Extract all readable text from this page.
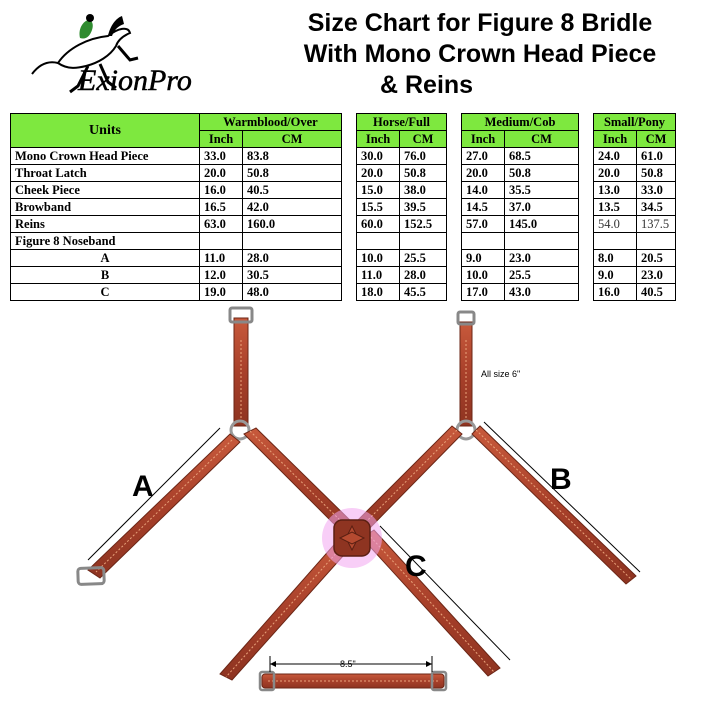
ExionPro
Size Chart for Figure 8 Bridle
With Mono Crown Head Piece
& Reins
Units	Warmblood/Over			Horse/Full			Medium/Cob			Small/Pony	
	Inch	CM		Inch	CM		Inch	CM		Inch	CM
Mono Crown Head Piece	33.0	83.8		30.0	76.0		27.0	68.5		24.0	61.0
Throat Latch	20.0	50.8		20.0	50.8		20.0	50.8		20.0	50.8
Cheek Piece	16.0	40.5		15.0	38.0		14.0	35.5		13.0	33.0
Browband	16.5	42.0		15.5	39.5		14.5	37.0		13.5	34.5
Reins	63.0	160.0		60.0	152.5		57.0	145.0		54.0	137.5
Figure 8 Noseband											
A	11.0	28.0		10.0	25.5		9.0	23.0		8.0	20.5
B	12.0	30.5		11.0	28.0		10.0	25.5		9.0	23.0
C	19.0	48.0		18.0	45.5		17.0	43.0		16.0	40.5
A	B
C
All size 6"
8.5"
